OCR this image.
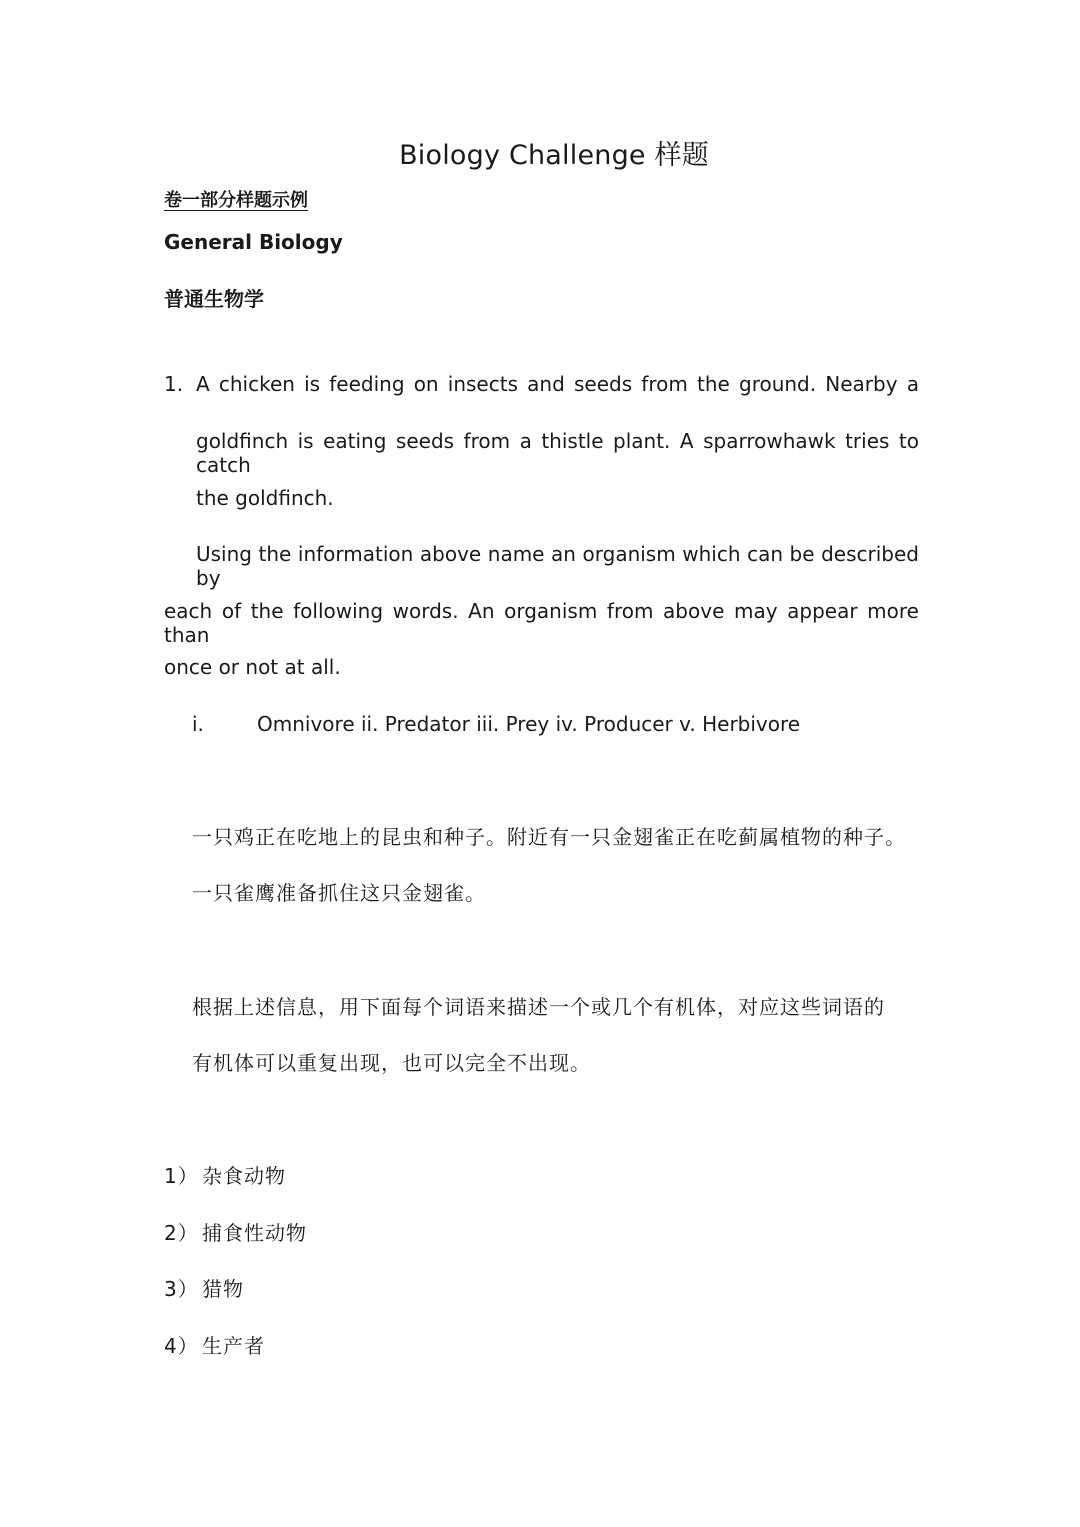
Biology Challenge 样题
卷一部分样题示例
General Biology
普通生物学
1. A chicken is feeding on insects and seeds from the ground. Nearby a
goldfinch is eating seeds from a thistle plant. A sparrowhawk tries to catch
the goldfinch.
Using the information above name an organism which can be described by
each of the following words. An organism from above may appear more than
once or not at all.
i.	Omnivore ii. Predator iii. Prey iv. Producer v. Herbivore
一只鸡正在吃地上的昆虫和种子。附近有一只金翅雀正在吃蓟属植物的种子。
一只雀鹰准备抓住这只金翅雀。
根据上述信息，用下面每个词语来描述一个或几个有机体，对应这些词语的
有机体可以重复出现，也可以完全不出现。
1） 杂食动物
2） 捕食性动物
3） 猎物
4） 生产者
